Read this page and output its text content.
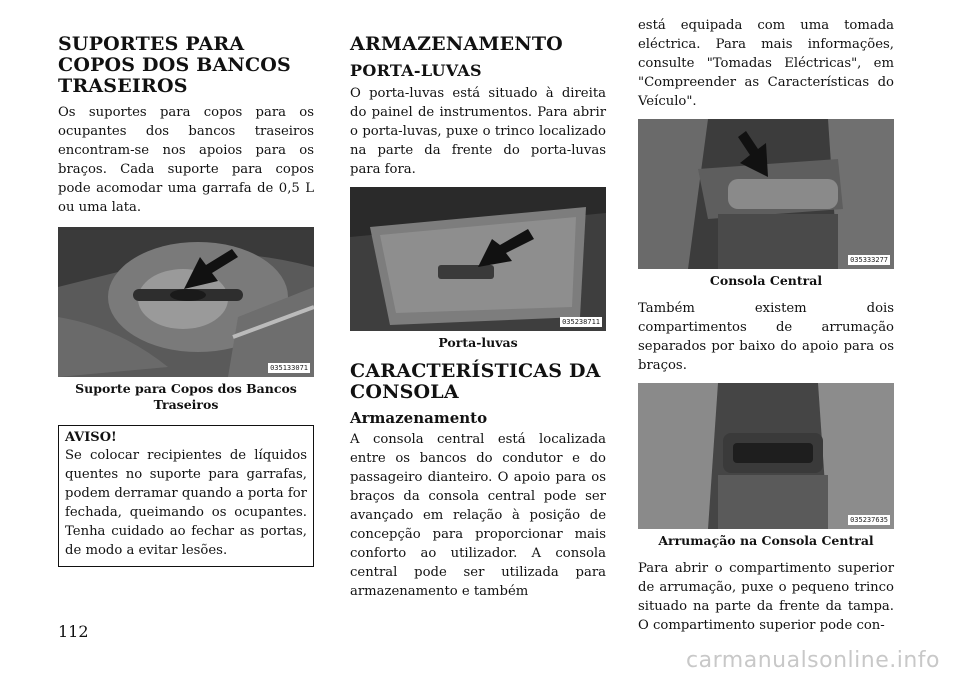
SUPORTES PARA COPOS DOS BANCOS TRASEIROS

Os suportes para copos para os ocupantes dos bancos traseiros encontram-se nos apoios para os braços. Cada suporte para copos pode acomodar uma garrafa de 0,5 L ou uma lata.

035133071
Suporte para Copos dos Bancos Traseiros
AVISO!

Se colocar recipientes de líquidos quentes no suporte para garrafas, podem derramar quando a porta for fechada, queimando os ocupantes. Tenha cuidado ao fechar as portas, de modo a evitar lesões.

ARMAZENAMENTO
PORTA-LUVAS

O porta-luvas está situado à direita do painel de instrumentos. Para abrir o porta-luvas, puxe o trinco localizado na parte da frente do porta-luvas para fora.

035238711
Porta-luvas
CARACTERÍSTICAS DA CONSOLA
Armazenamento

A consola central está localizada entre os bancos do condutor e do passageiro dianteiro. O apoio para os braços da consola central pode ser avançado em relação à posição de concepção para proporcionar mais conforto ao utilizador. A consola central pode ser utilizada para armazenamento e também

está equipada com uma tomada eléctrica. Para mais informações, consulte "Tomadas Eléctricas", em "Compreender as Características do Veículo".

035333277
Consola Central

Também existem dois compartimentos de arrumação separados por baixo do apoio para os braços.

035237635
Arrumação na Consola Central

Para abrir o compartimento superior de arrumação, puxe o pequeno trinco situado na parte da frente da tampa. O compartimento superior pode con-

112
carmanualsonline.info
